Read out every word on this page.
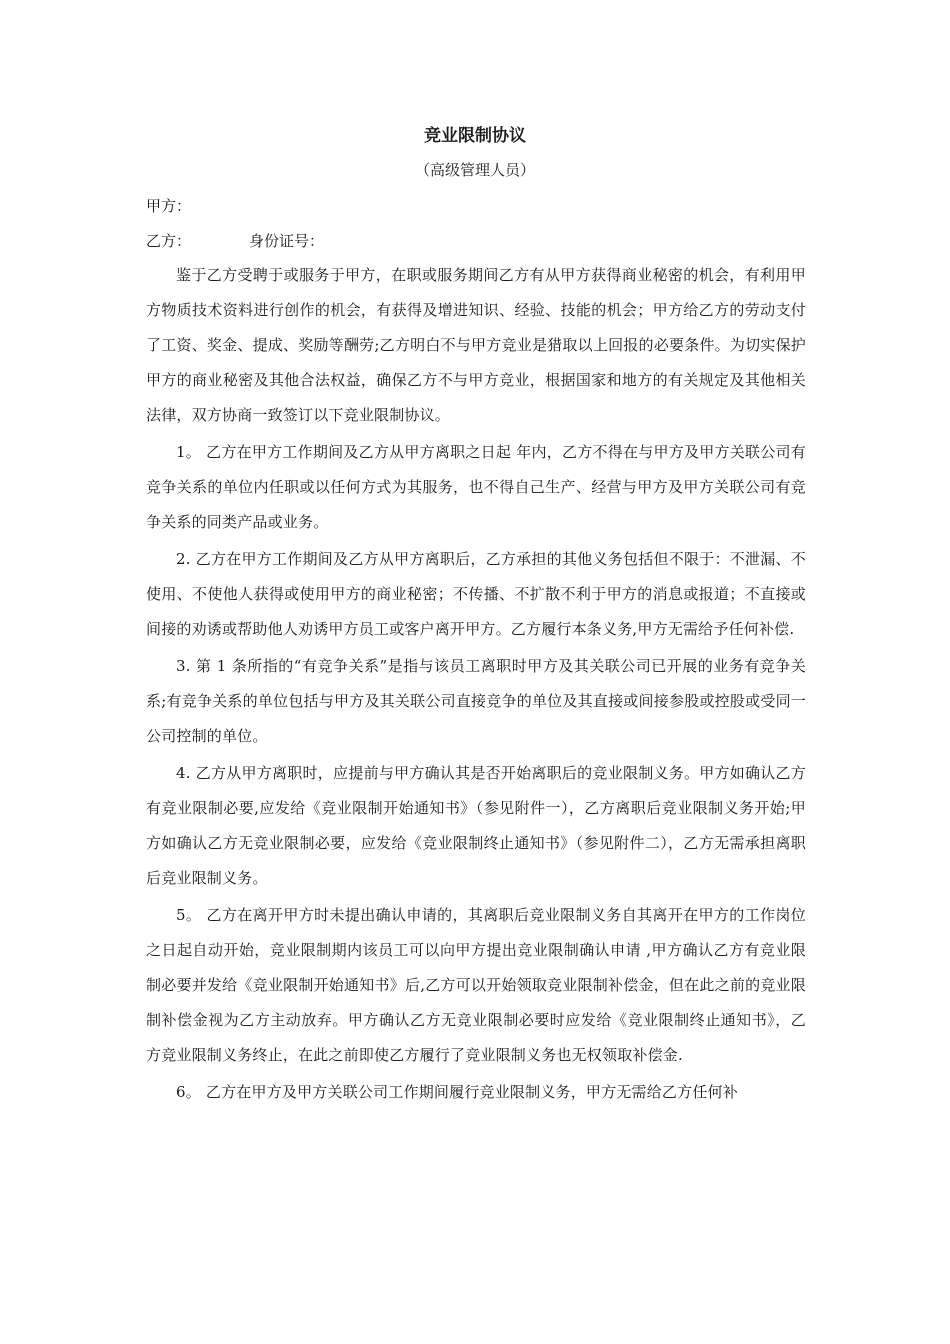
竞业限制协议
（高级管理人员）
甲方：
乙方：	身份证号：

鉴于乙方受聘于或服务于甲方，在职或服务期间乙方有从甲方获得商业秘密的机会，有利用甲方物质技术资料进行创作的机会，有获得及增进知识、经验、技能的机会；甲方给乙方的劳动支付了工资、奖金、提成、奖励等酬劳;乙方明白不与甲方竞业是猎取以上回报的必要条件。为切实保护甲方的商业秘密及其他合法权益，确保乙方不与甲方竞业，根据国家和地方的有关规定及其他相关法律，双方协商一致签订以下竞业限制协议。

1。 乙方在甲方工作期间及乙方从甲方离职之日起 年内，乙方不得在与甲方及甲方关联公司有竞争关系的单位内任职或以任何方式为其服务，也不得自己生产、经营与甲方及甲方关联公司有竞争关系的同类产品或业务。

2. 乙方在甲方工作期间及乙方从甲方离职后，乙方承担的其他义务包括但不限于：不泄漏、不使用、不使他人获得或使用甲方的商业秘密；不传播、不扩散不利于甲方的消息或报道；不直接或间接的劝诱或帮助他人劝诱甲方员工或客户离开甲方。乙方履行本条义务,甲方无需给予任何补偿.

3. 第 1 条所指的“有竞争关系”是指与该员工离职时甲方及其关联公司已开展的业务有竞争关系;有竞争关系的单位包括与甲方及其关联公司直接竞争的单位及其直接或间接参股或控股或受同一公司控制的单位。

4. 乙方从甲方离职时，应提前与甲方确认其是否开始离职后的竞业限制义务。甲方如确认乙方有竞业限制必要,应发给《竞业限制开始通知书》（参见附件一），乙方离职后竞业限制义务开始;甲方如确认乙方无竞业限制必要，应发给《竞业限制终止通知书》（参见附件二），乙方无需承担离职后竞业限制义务。

5。 乙方在离开甲方时未提出确认申请的，其离职后竞业限制义务自其离开在甲方的工作岗位之日起自动开始，竞业限制期内该员工可以向甲方提出竞业限制确认申请 ,甲方确认乙方有竞业限制必要并发给《竞业限制开始通知书》后,乙方可以开始领取竞业限制补偿金，但在此之前的竞业限制补偿金视为乙方主动放弃。甲方确认乙方无竞业限制必要时应发给《竞业限制终止通知书》，乙方竞业限制义务终止，在此之前即使乙方履行了竞业限制义务也无权领取补偿金.

6。 乙方在甲方及甲方关联公司工作期间履行竞业限制义务，甲方无需给乙方任何补
